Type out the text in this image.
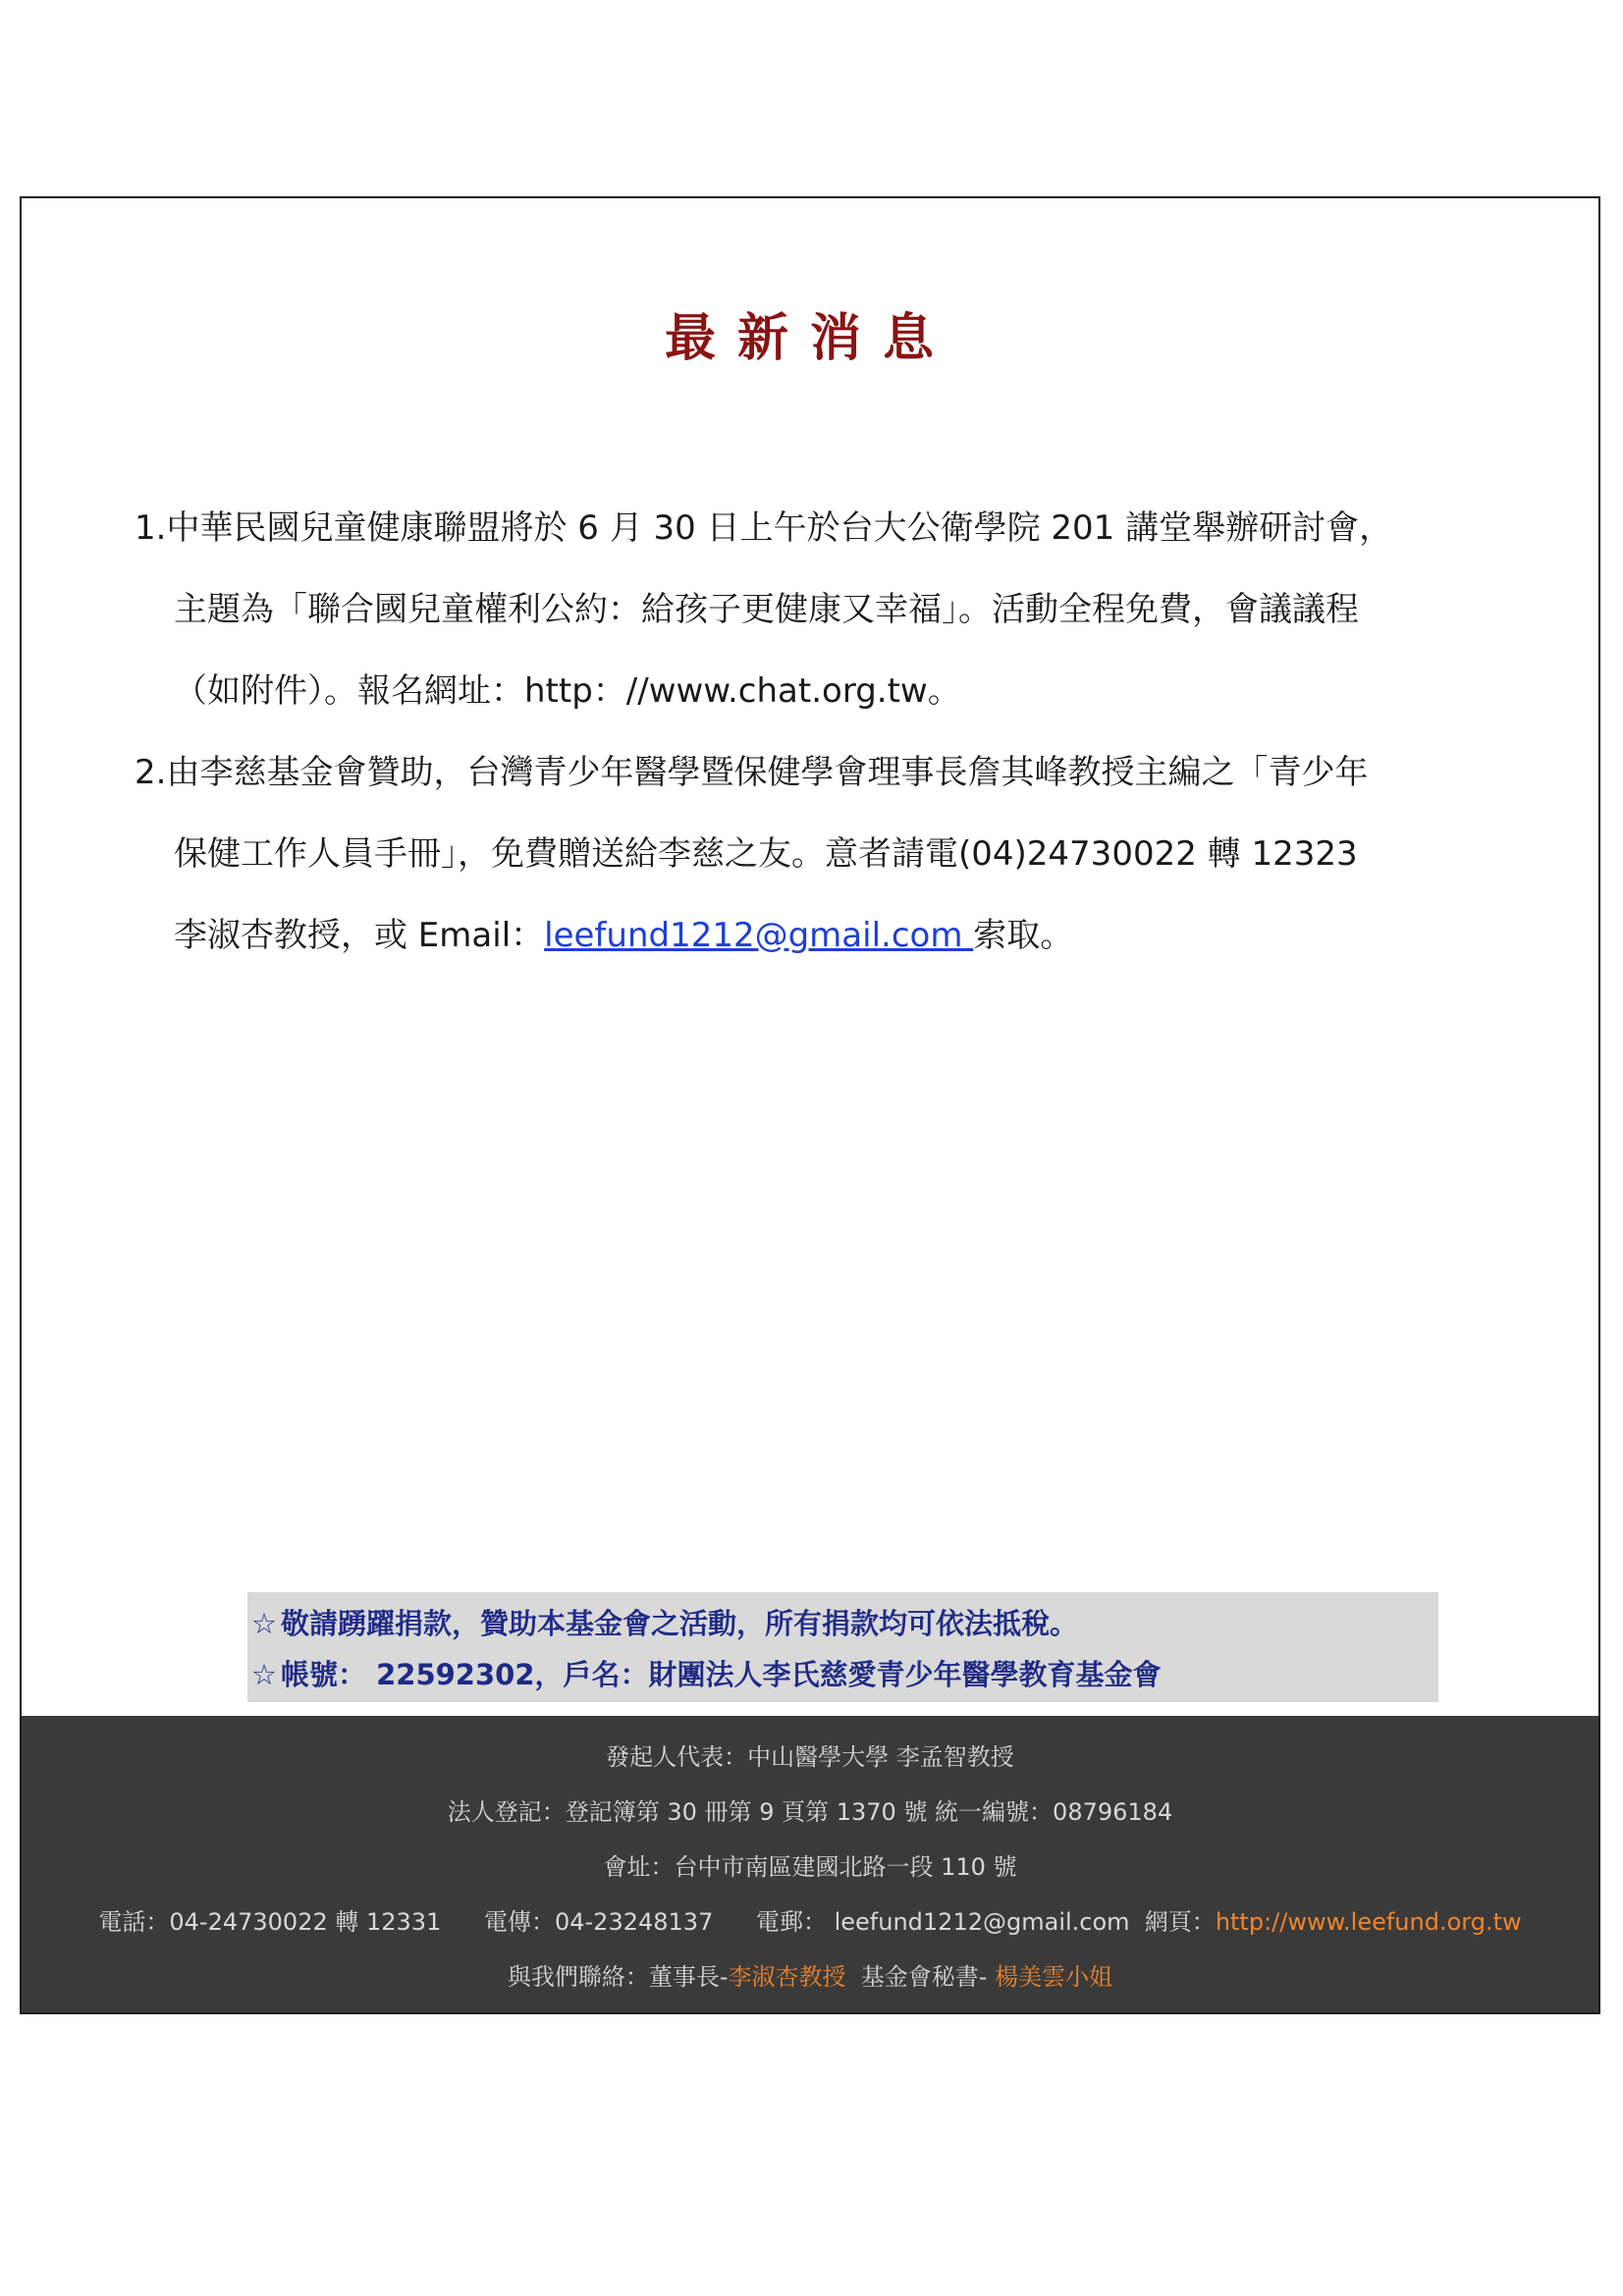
最新消息
1.中華民國兒童健康聯盟將於 6 月 30 日上午於台大公衛學院 201 講堂舉辦研討會，
主題為「聯合國兒童權利公約：給孩子更健康又幸福」。活動全程免費，會議議程
（如附件）。報名網址：http：//www.chat.org.tw。
2.由李慈基金會贊助，台灣青少年醫學暨保健學會理事長詹其峰教授主編之「青少年
保健工作人員手冊」，免費贈送給李慈之友。意者請電(04)24730022 轉 12323
李淑杏教授，或 Email：leefund1212@gmail.com 索取。
☆ 敬請踴躍捐款，贊助本基金會之活動，所有捐款均可依法抵稅。
☆ 帳號： 22592302，戶名：財團法人李氏慈愛青少年醫學教育基金會
發起人代表：中山醫學大學 李孟智教授
法人登記：登記簿第 30 冊第 9 頁第 1370 號 統一編號：08796184
會址：台中市南區建國北路一段 110 號
電話：04-24730022 轉 12331 電傳：04-23248137 電郵： leefund1212@gmail.com 網頁：http://www.leefund.org.tw
與我們聯絡：董事長-李淑杏教授 基金會秘書- 楊美雲小姐
